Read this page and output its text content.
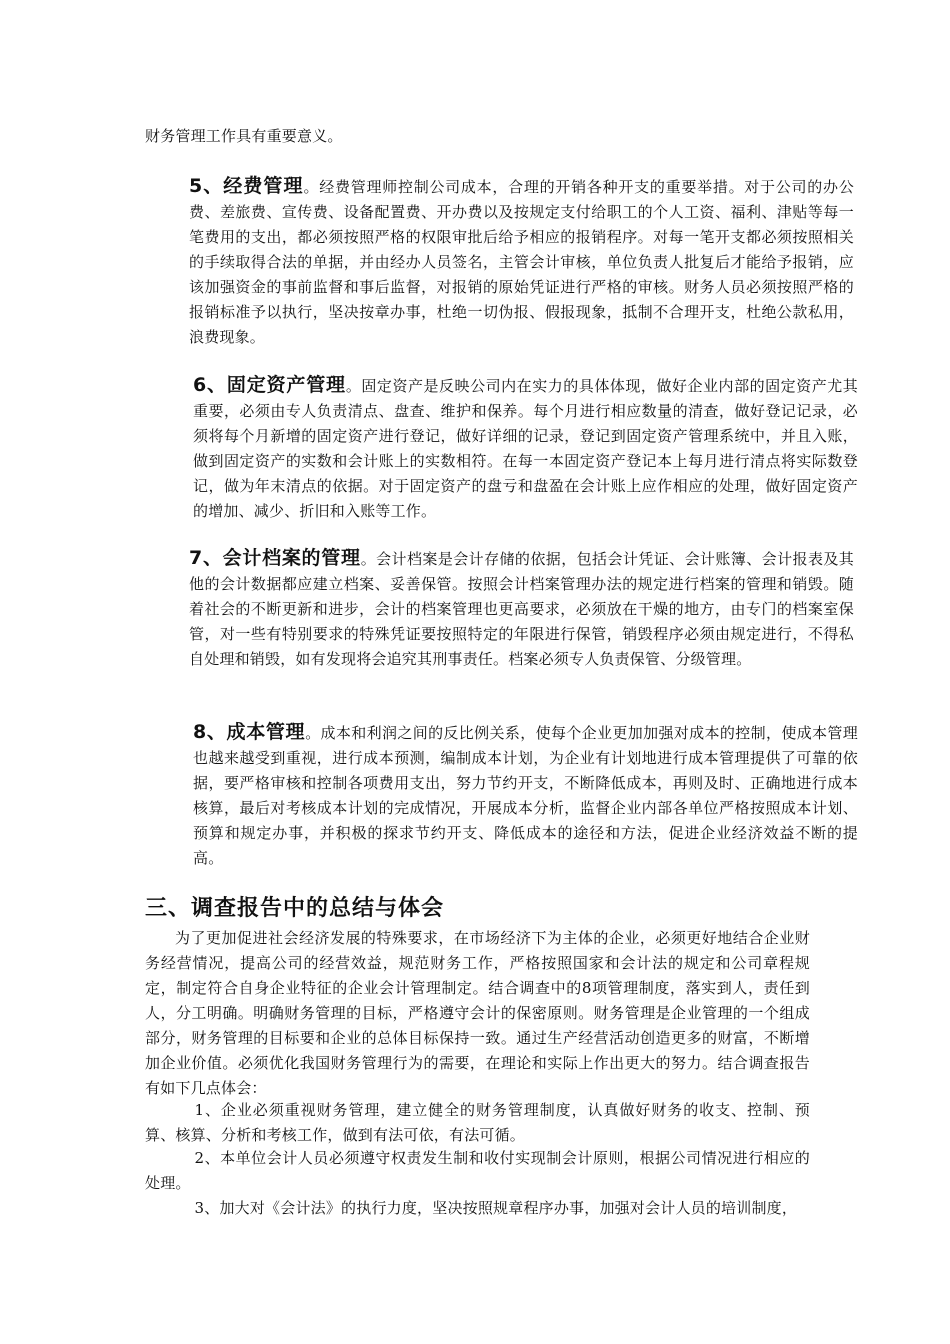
财务管理工作具有重要意义。
5、经费管理。经费管理师控制公司成本，合理的开销各种开支的重要举措。对于公司的办公费、差旅费、宣传费、设备配置费、开办费以及按规定支付给职工的个人工资、福利、津贴等每一笔费用的支出，都必须按照严格的权限审批后给予相应的报销程序。对每一笔开支都必须按照相关的手续取得合法的单据，并由经办人员签名，主管会计审核，单位负责人批复后才能给予报销，应该加强资金的事前监督和事后监督，对报销的原始凭证进行严格的审核。财务人员必须按照严格的报销标准予以执行，坚决按章办事，杜绝一切伪报、假报现象，抵制不合理开支，杜绝公款私用，浪费现象。
6、固定资产管理。固定资产是反映公司内在实力的具体体现，做好企业内部的固定资产尤其重要，必须由专人负责清点、盘查、维护和保养。每个月进行相应数量的清查，做好登记记录，必须将每个月新增的固定资产进行登记，做好详细的记录，登记到固定资产管理系统中，并且入账，做到固定资产的实数和会计账上的实数相符。在每一本固定资产登记本上每月进行清点将实际数登记，做为年末清点的依据。对于固定资产的盘亏和盘盈在会计账上应作相应的处理，做好固定资产的增加、减少、折旧和入账等工作。
7、会计档案的管理。会计档案是会计存储的依据，包括会计凭证、会计账簿、会计报表及其他的会计数据都应建立档案、妥善保管。按照会计档案管理办法的规定进行档案的管理和销毁。随着社会的不断更新和进步，会计的档案管理也更高要求，必须放在干燥的地方，由专门的档案室保管，对一些有特别要求的特殊凭证要按照特定的年限进行保管，销毁程序必须由规定进行，不得私自处理和销毁，如有发现将会追究其刑事责任。档案必须专人负责保管、分级管理。
8、成本管理。成本和利润之间的反比例关系，使每个企业更加加强对成本的控制，使成本管理也越来越受到重视，进行成本预测，编制成本计划，为企业有计划地进行成本管理提供了可靠的依据，要严格审核和控制各项费用支出，努力节约开支，不断降低成本，再则及时、正确地进行成本核算，最后对考核成本计划的完成情况，开展成本分析，监督企业内部各单位严格按照成本计划、预算和规定办事，并积极的探求节约开支、降低成本的途径和方法，促进企业经济效益不断的提高。
三、调查报告中的总结与体会
为了更加促进社会经济发展的特殊要求，在市场经济下为主体的企业，必须更好地结合企业财务经营情况，提高公司的经营效益，规范财务工作，严格按照国家和会计法的规定和公司章程规定，制定符合自身企业特征的企业会计管理制定。结合调查中的8项管理制度，落实到人，责任到人，分工明确。明确财务管理的目标，严格遵守会计的保密原则。财务管理是企业管理的一个组成部分，财务管理的目标要和企业的总体目标保持一致。通过生产经营活动创造更多的财富，不断增加企业价值。必须优化我国财务管理行为的需要，在理论和实际上作出更大的努力。结合调查报告有如下几点体会：
1、企业必须重视财务管理，建立健全的财务管理制度，认真做好财务的收支、控制、预算、核算、分析和考核工作，做到有法可依，有法可循。
2、本单位会计人员必须遵守权责发生制和收付实现制会计原则，根据公司情况进行相应的处理。
3、加大对《会计法》的执行力度，坚决按照规章程序办事，加强对会计人员的培训制度，
